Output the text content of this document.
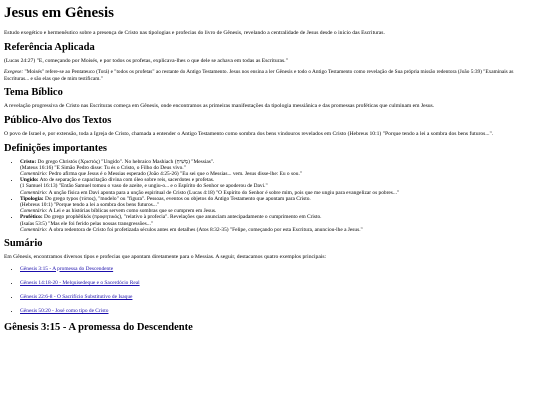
Jesus em Gênesis

Estudo exegético e hermenêutico sobre a presença de Cristo nas tipologias e profecias do livro de Gênesis, revelando a centralidade de Jesus desde o início das Escrituras.

Referência Aplicada

(Lucas 24:27) "E, começando por Moisés, e por todos os profetas, explicava-lhes o que dele se achava em todas as Escrituras."

Exegese: "Moisés" refere-se ao Pentateuco (Torá) e "todos os profetas" ao restante do Antigo Testamento. Jesus nos ensina a ler Gênesis e todo o Antigo Testamento como revelação de Sua própria missão redentora (João 5:39) "Examinais as Escrituras... e são elas que de mim testificam."

Tema Bíblico

A revelação progressiva de Cristo nas Escrituras começa em Gênesis, onde encontramos as primeiras manifestações da tipologia messiânica e das promessas proféticas que culminam em Jesus.

Público-Alvo dos Textos

O povo de Israel e, por extensão, toda a Igreja de Cristo, chamada a entender o Antigo Testamento como sombra dos bens vindouros revelados em Cristo (Hebreus 10:1) "Porque tendo a lei a sombra dos bens futuros...".

Definições importantes
• Cristo: Do grego Christós (Χριστός) "Ungido". No hebraico Mashiach (מָשִׁיחַ) "Messias".
(Mateus 16:16) "E Simão Pedro disse: Tu és o Cristo, o Filho do Deus vivo."
Comentário: Pedro afirma que Jesus é o Messias esperado (João 4:25-26) "Eu sei que o Messias... vem. Jesus disse-lhe: Eu o sou."
• Ungido: Ato de separação e capacitação divina com óleo sobre reis, sacerdotes e profetas.
(1 Samuel 16:13) "Então Samuel tomou o vaso de azeite, e ungiu-o... e o Espírito do Senhor se apoderou de Davi."
Comentário: A unção física em Davi aponta para a unção espiritual de Cristo (Lucas 4:18) "O Espírito do Senhor é sobre mim, pois que me ungiu para evangelizar os pobres..."
• Tipologia: Do grego typos (τύπος), "modelo" ou "figura". Pessoas, eventos ou objetos do Antigo Testamento que apontam para Cristo.
(Hebreus 10:1) "Porque tendo a lei a sombra dos bens futuros..."
Comentário: A Lei e as histórias bíblicas servem como sombras que se cumprem em Jesus.
• Profético: Do grego prophētikós (προφητικός), "relativo à profecia". Revelações que anunciam antecipadamente o cumprimento em Cristo.
(Isaías 53:5) "Mas ele foi ferido pelas nossas transgressões..."
Comentário: A obra redentora de Cristo foi profetizada séculos antes em detalhes (Atos 8:32-35) "Felipe, começando por esta Escritura, anunciou-lhe a Jesus."
Sumário

Em Gênesis, encontramos diversos tipos e profecias que apontam diretamente para o Messias. A seguir, destacamos quatro exemplos principais:

• Gênesis 3:15 - A promessa do Descendente
• Gênesis 14:18-20 - Melquisedeque e o Sacerdócio Real
• Gênesis 22:6-8 - O Sacrifício Substitutivo de Isaque
• Gênesis 50:20 - José como tipo de Cristo
Gênesis 3:15 - A promessa do Descendente
